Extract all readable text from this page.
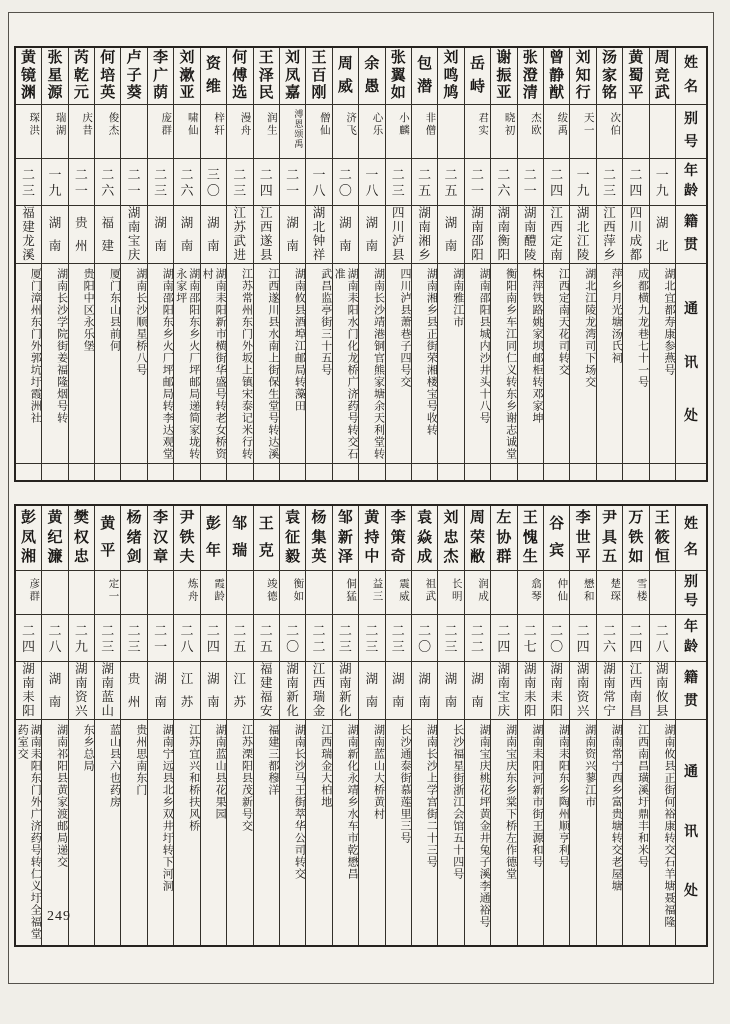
姓
名
别
号
年
龄
籍
贯
通
讯
处
周
竞
武
一
九
湖
北
湖北宜都寿康参燕号
黄
蜀
平
二
四
四
川
成
都
成都横九龙巷七十一号
汤
家
铭
次伯
二
三
江
西
萍
乡
萍乡月光塘汤氏祠
刘
知
行
天一
一
九
湖
北
江
陵
湖北江陵龙湾司下场交
曾
静
猷
绂禹
二
四
江
西
定
南
江西定南天花司转交
张
澄
清
杰欧
二
一
湖
南
醴
陵
株萍铁路姚家坝邮柜转邓家坤
谢
振
亚
晓初
二
六
湖
南
衡
阳
衡阳南乡车江同仁义转东乡谢志诚堂
岳
峙
君实
二
一
湖
南
邵
阳
湖南邵阳县城内沙井头十八号
刘
鸣
鸠
二
五
湖
南
湖南雅江市
包
潜
非僧
二
五
湖
南
湘
乡
湖南湘乡县正街荣湘楼宝号收转
张
翼
如
小麟
二
三
四
川
泸
县
四川泸县萧巷子四号交
余
愚
心乐
一
八
湖
南
湖南长沙靖港铜官熊家塘余天利堂转
周
威
济飞
二
〇
湖
南
湖南耒阳水门化龙桥广济药号转交石准
王
百
刚
僧仙
一
八
湖
北
钟
祥
武昌监亭街三十五号
刘
凤
嘉
溥恩颂禹
二
一
湖
南
湖南攸县酒埠江邮局转藻田
王
泽
民
润生
二
四
江
西
遂
县
江西遂川县水南上街保生堂号转达溪
何
傅
选
漫舟
二
三
江
苏
武
进
江苏常州东门外坂上镇宋泰记米行转
资
维
梓轩
三
〇
湖
南
湖南耒阳新市横街华盛号转老女桥资村
刘
漱
亚
啸仙
二
六
湖
南
湖南邵阳东乡火厂坪邮局递简家垅转永家坪
李
广
荫
庞群
二
三
湖
南
湖南邵阳东乡火厂坪邮局转李达观堂
卢
子
葵
二
一
湖
南
宝
庆
湖南长沙顺星桥八号
何
培
英
俊杰
二
六
福
建
厦门东山县前何
芮
乾
元
庆昔
二
一
贵
州
贵阳中区永乐堡
张
星
源
瑞湖
一
九
湖
南
湖南长沙学院街姜福隆烟号转
黄
镜
渊
琛洪
二
三
福
建
龙
溪
厦门漳州东门外郭坑圩霞洲社
姓
名
别
号
年
龄
籍
贯
通
讯
处
王
筱
恒
二
八
湖
南
攸
县
湖南攸县正街何裕康转交石羊塘聂福隆
万
铁
如
雪楼
二
四
江
西
南
昌
江西南昌璜溪圩鼎丰和米号
尹
具
五
楚琛
二
六
湖
南
常
宁
湖南常宁西乡富贵塘转交老屋塘
李
世
平
懋和
二
四
湖
南
资
兴
湖南资兴蓼江市
谷
宾
仲仙
二
〇
湖
南
耒
阳
湖南耒阳东乡陶州顺亨利号
王
愧
生
翕琴
二
七
湖
南
耒
阳
湖南耒阳河新市街王源和号
左
协
群
二
四
湖
南
宝
庆
湖南宝庆东乡棠下桥左作德堂
周
荣
敝
润成
二
二
湖
南
湖南宝庆桃花坪黄金井兔子溪李通裕号
刘
忠
杰
长明
二
三
湖
南
长沙福星街浙江会馆五十四号
袁
焱
成
祖武
二
〇
湖
南
湖南长沙上学宫街二十三号
李
策
奇
震威
二
三
湖
南
长沙通泰街慕莲里三号
黄
持
中
益三
二
三
湖
南
湖南蓝山大桥黄村
邹
新
泽
侗猛
二
三
湖
南
新
化
湖南新化永靖乡水车市乾懋昌
杨
集
英
二
二
江
西
瑞
金
江西瑞金大柏地
袁
征
毅
衡如
二
〇
湖
南
新
化
湖南长沙马王街萃华公司转交
王
克
竣德
二
五
福
建
福
安
福建三都穆洋
邹
瑞
二
五
江
苏
江苏溧阳县茂新号交
彭
年
霞龄
二
四
湖
南
湖南蓝山县花果园
尹
铁
夫
炼舟
二
八
江
苏
江苏宜兴和桥扶风桥
李
汉
章
二
一
湖
南
湖南宁远县北乡双井圩转下河洞
杨
绪
剑
二
三
贵
州
贵州思南东门
黄
平
定一
二
三
湖
南
蓝
山
蓝山县六也药房
樊
权
忠
二
九
湖
南
资
兴
东乡总局
黄
纪
濂
二
八
湖
南
湖南祁阳县黄家渡邮局递交
彭
凤
湘
彦群
二
四
湖
南
耒
阳
湖南耒阳东门外广济药号转仁义圩全福堂药室交
249
